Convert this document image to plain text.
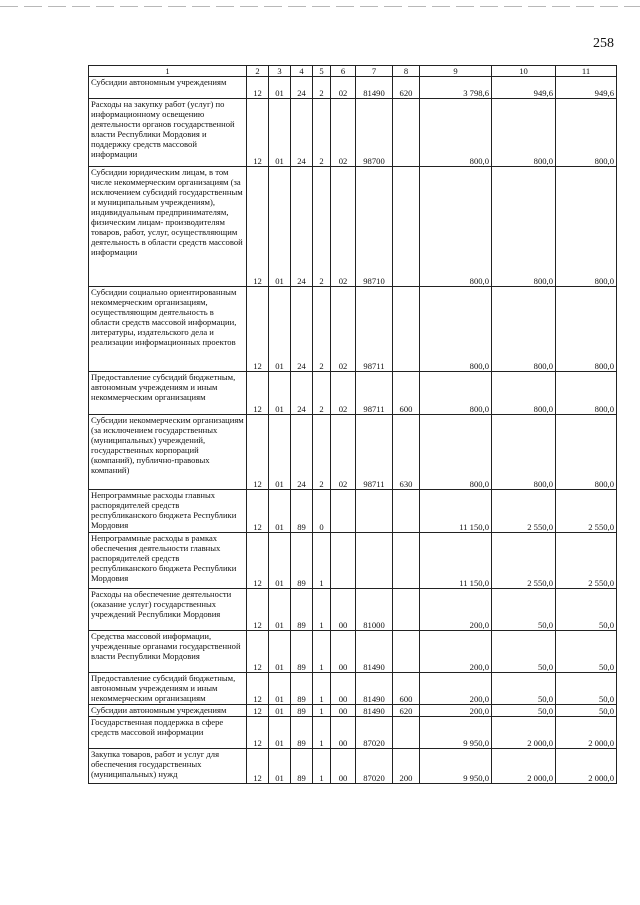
258
1	2	3	4	5	6	7	8	9	10	11
Субсидии автономным учреждениям	12	01	24	2	02	81490	620	3 798,6	949,6	949,6
Расходы на закупку работ (услуг) по информационному освещению деятельности органов государственной власти Республики Мордовия и поддержку средств массовой информации	12	01	24	2	02	98700		800,0	800,0	800,0
Субсидии юридическим лицам, в том числе некоммерческим организациям (за исключением субсидий государственным и муниципальным учреждениям), индивидуальным предпринимателям, физическим лицам- производителям товаров, работ, услуг, осуществляющим деятельность в области средств массовой информации	12	01	24	2	02	98710		800,0	800,0	800,0
Субсидии социально ориентированным некоммерческим организациям, осуществляющим деятельность в области средств массовой информации, литературы, издательского дела и реализации информационных проектов	12	01	24	2	02	98711		800,0	800,0	800,0
Предоставление субсидий бюджетным, автономным учреждениям и иным некоммерческим организациям	12	01	24	2	02	98711	600	800,0	800,0	800,0
Субсидии некоммерческим организациям (за исключением государственных (муниципальных) учреждений, государственных корпораций (компаний), публично-правовых компаний)	12	01	24	2	02	98711	630	800,0	800,0	800,0
Непрограммные расходы главных распорядителей средств республиканского бюджета Республики Мордовия	12	01	89	0				11 150,0	2 550,0	2 550,0
Непрограммные расходы в рамках обеспечения деятельности главных распорядителей средств республиканского бюджета Республики Мордовия	12	01	89	1				11 150,0	2 550,0	2 550,0
Расходы на обеспечение деятельности (оказание услуг) государственных учреждений Республики Мордовия	12	01	89	1	00	81000		200,0	50,0	50,0
Средства массовой информации, учрежденные органами государственной власти Республики Мордовия	12	01	89	1	00	81490		200,0	50,0	50,0
Предоставление субсидий бюджетным, автономным учреждениям и иным некоммерческим организациям	12	01	89	1	00	81490	600	200,0	50,0	50,0
Субсидии автономным учреждениям	12	01	89	1	00	81490	620	200,0	50,0	50,0
Государственная поддержка в сфере средств массовой информации	12	01	89	1	00	87020		9 950,0	2 000,0	2 000,0
Закупка товаров, работ и услуг для обеспечения государственных (муниципальных) нужд	12	01	89	1	00	87020	200	9 950,0	2 000,0	2 000,0
